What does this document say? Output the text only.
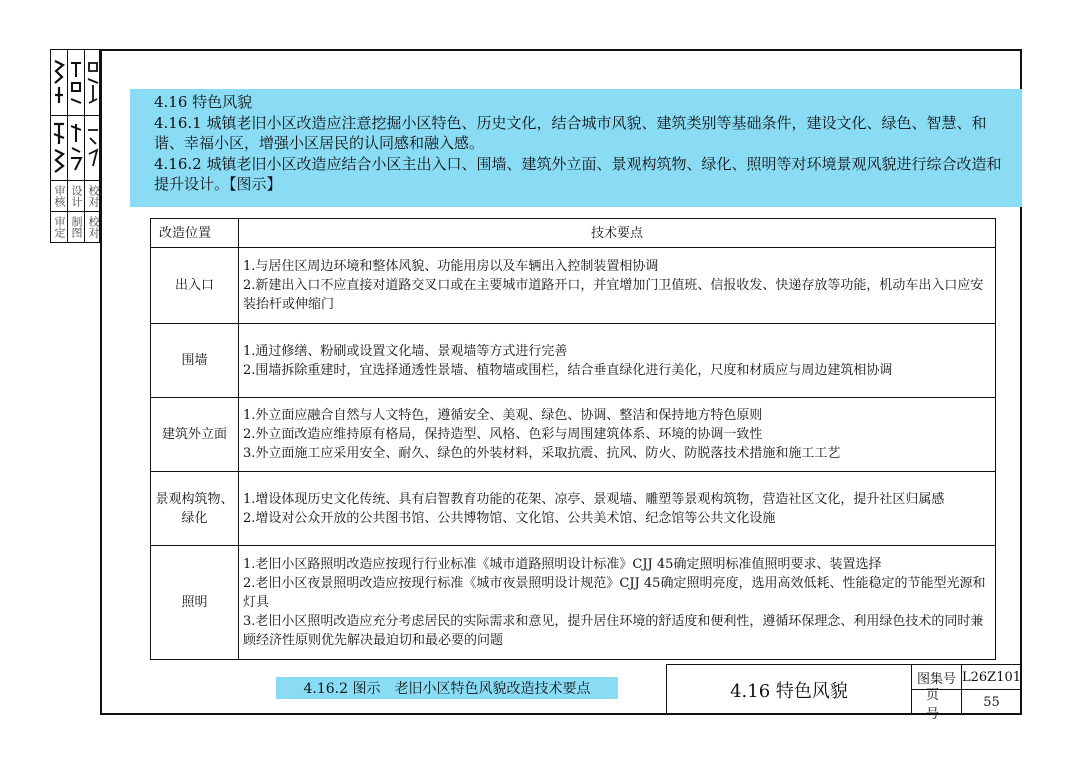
审核
审定
设计
制图
校对
校对

4.16 特色风貌

4.16.1 城镇老旧小区改造应注意挖掘小区特色、历史文化，结合城市风貌、建筑类别等基础条件，建设文化、绿色、智慧、和谐、幸福小区，增强小区居民的认同感和融入感。

4.16.2 城镇老旧小区改造应结合小区主出入口、围墙、建筑外立面、景观构筑物、绿化、照明等对环境景观风貌进行综合改造和提升设计。【图示】

改造位置	技术要点
出入口	1.与居住区周边环境和整体风貌、功能用房以及车辆出入控制装置相协调
2.新建出入口不应直接对道路交叉口或在主要城市道路开口，并宜增加门卫值班、信报收发、快递存放等功能，机动车出入口应安装抬杆或伸缩门

围墙	1.通过修缮、粉刷或设置文化墙、景观墙等方式进行完善
2.围墙拆除重建时，宜选择通透性景墙、植物墙或围栏，结合垂直绿化进行美化，尺度和材质应与周边建筑相协调

建筑外立面	1.外立面应融合自然与人文特色，遵循安全、美观、绿色、协调、整洁和保持地方特色原则
2.外立面改造应维持原有格局，保持造型、风格、色彩与周围建筑体系、环境的协调一致性
3.外立面施工应采用安全、耐久、绿色的外装材料，采取抗震、抗风、防火、防脱落技术措施和施工工艺

景观构筑物、绿化	1.增设体现历史文化传统、具有启智教育功能的花架、凉亭、景观墙、雕塑等景观构筑物，营造社区文化，提升社区归属感
2.增设对公众开放的公共图书馆、公共博物馆、文化馆、公共美术馆、纪念馆等公共文化设施

照明	1.老旧小区路照明改造应按现行行业标准《城市道路照明设计标准》CJJ 45确定照明标准值照明要求、装置选择
2.老旧小区夜景照明改造应按现行标准《城市夜景照明设计规范》CJJ 45确定照明亮度，选用高效低耗、性能稳定的节能型光源和灯具
3.老旧小区照明改造应充分考虑居民的实际需求和意见，提升居住环境的舒适度和便利性，遵循环保理念、利用绿色技术的同时兼顾经济性原则优先解决最迫切和最必要的问题
4.16.2 图示　老旧小区特色风貌改造技术要点	4.16 特色风貌
图集号 L26Z101
页号
55
